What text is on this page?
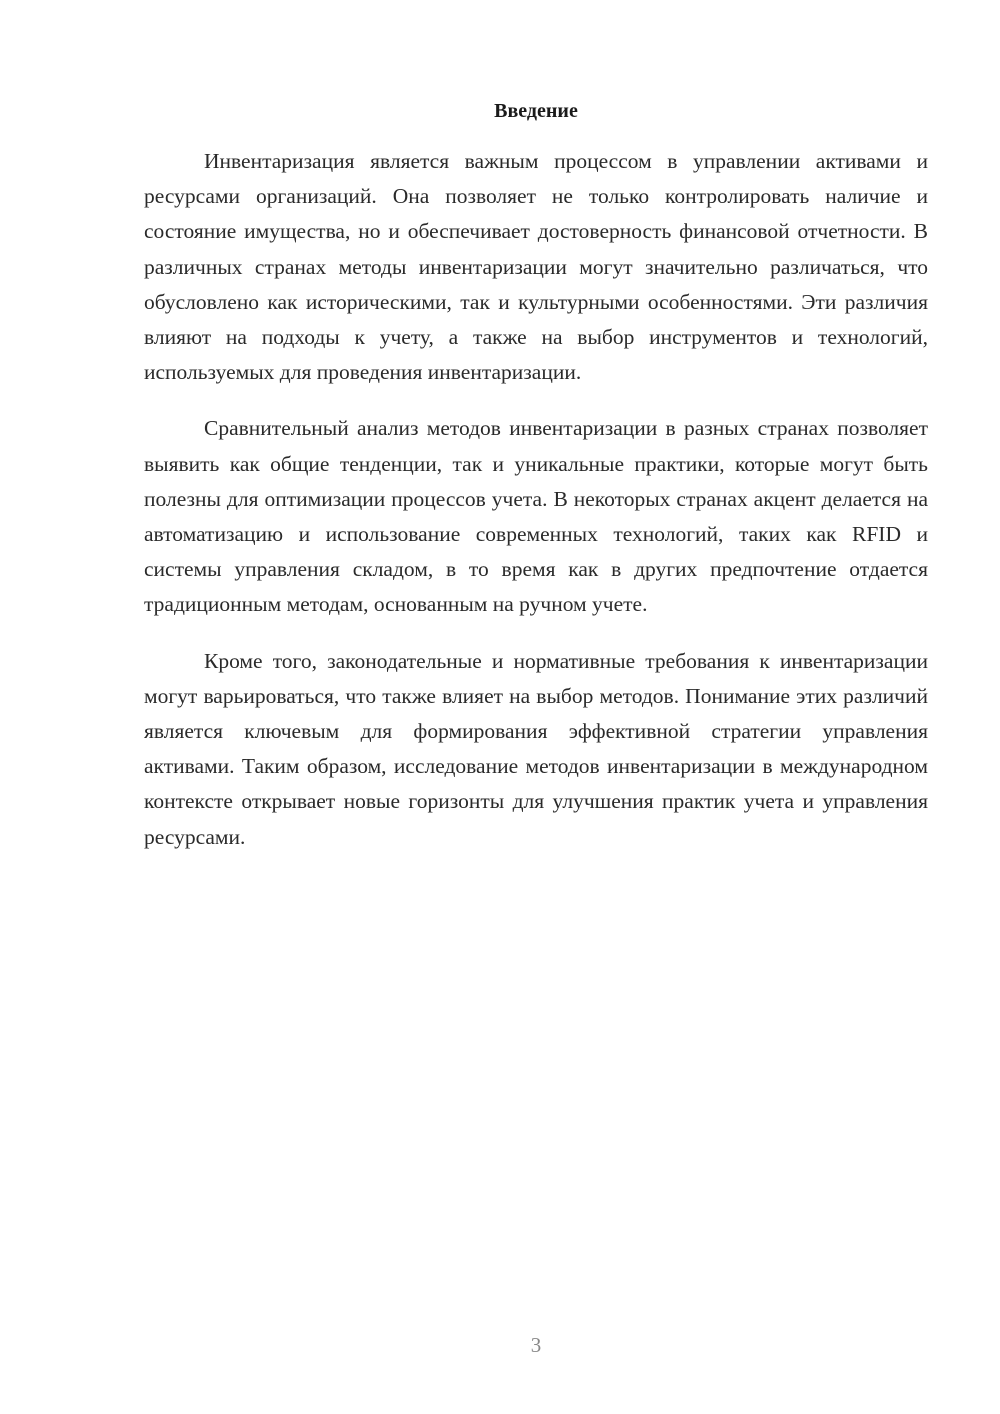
Введение

Инвентаризация является важным процессом в управлении активами и ресурсами организаций. Она позволяет не только контролировать наличие и состояние имущества, но и обеспечивает достоверность финансовой отчетности. В различных странах методы инвентаризации могут значительно различаться, что обусловлено как историческими, так и культурными особенностями. Эти различия влияют на подходы к учету, а также на выбор инструментов и технологий, используемых для проведения инвентаризации.

Сравнительный анализ методов инвентаризации в разных странах позволяет выявить как общие тенденции, так и уникальные практики, которые могут быть полезны для оптимизации процессов учета. В некоторых странах акцент делается на автоматизацию и использование современных технологий, таких как RFID и системы управления складом, в то время как в других предпочтение отдается традиционным методам, основанным на ручном учете.

Кроме того, законодательные и нормативные требования к инвентаризации могут варьироваться, что также влияет на выбор методов. Понимание этих различий является ключевым для формирования эффективной стратегии управления активами. Таким образом, исследование методов инвентаризации в международном контексте открывает новые горизонты для улучшения практик учета и управления ресурсами.

3
